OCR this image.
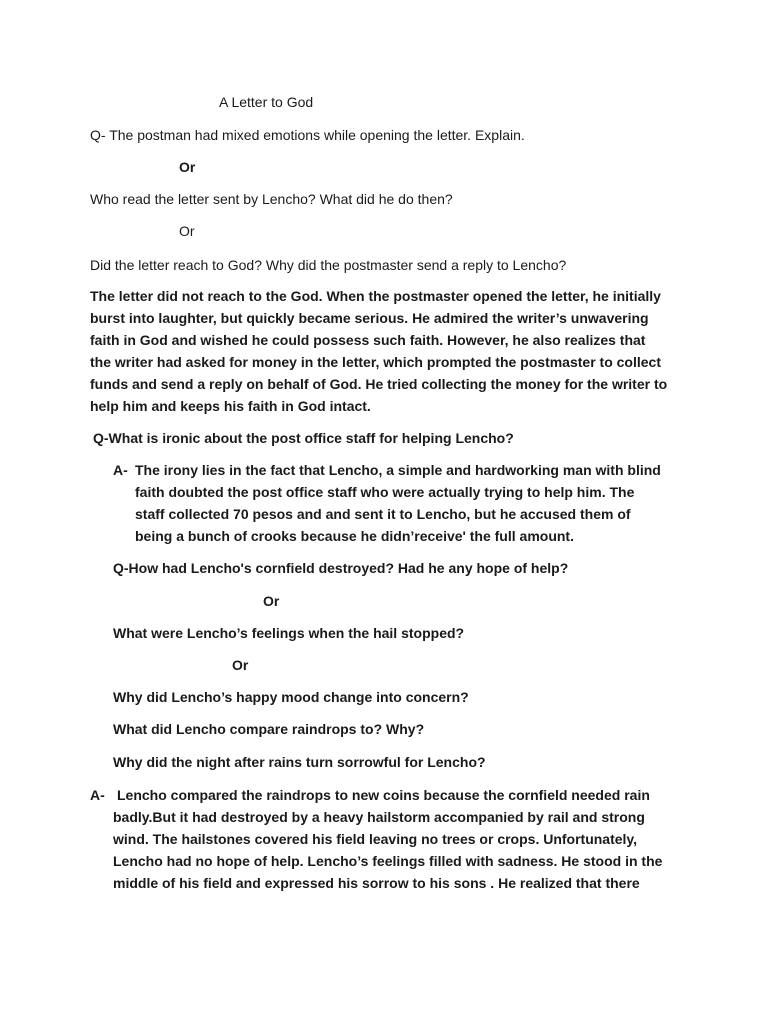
A Letter to God

Q- The postman had mixed emotions while opening the letter. Explain.

Or

Who read the letter sent by Lencho? What did he do then?

Or

Did the letter reach to God? Why did the postmaster send a reply to Lencho?

The letter did not reach to the God. When the postmaster opened the letter, he initially
burst into laughter, but quickly became serious. He admired the writer’s unwavering
faith in God and wished he could possess such faith. However, he also realizes that
the writer had asked for money in the letter, which prompted the postmaster to collect
funds and send a reply on behalf of God. He tried collecting the money for the writer to
help him and keeps his faith in God intact.

Q-What is ironic about the post office staff for helping Lencho?

A- The irony lies in the fact that Lencho, a simple and hardworking man with blind
faith doubted the post office staff who were actually trying to help him. The
staff collected 70 pesos and and sent it to Lencho, but he accused them of
being a bunch of crooks because he didn’receive' the full amount.

Q-How had Lencho's cornfield destroyed? Had he any hope of help?

Or

What were Lencho’s feelings when the hail stopped?

Or

Why did Lencho’s happy mood change into concern?

What did Lencho compare raindrops to? Why?

Why did the night after rains turn sorrowful for Lencho?

A- Lencho compared the raindrops to new coins because the cornfield needed rain
badly.But it had destroyed by a heavy hailstorm accompanied by rail and strong
wind. The hailstones covered his field leaving no trees or crops. Unfortunately,
Lencho had no hope of help. Lencho’s feelings filled with sadness. He stood in the
middle of his field and expressed his sorrow to his sons . He realized that there
